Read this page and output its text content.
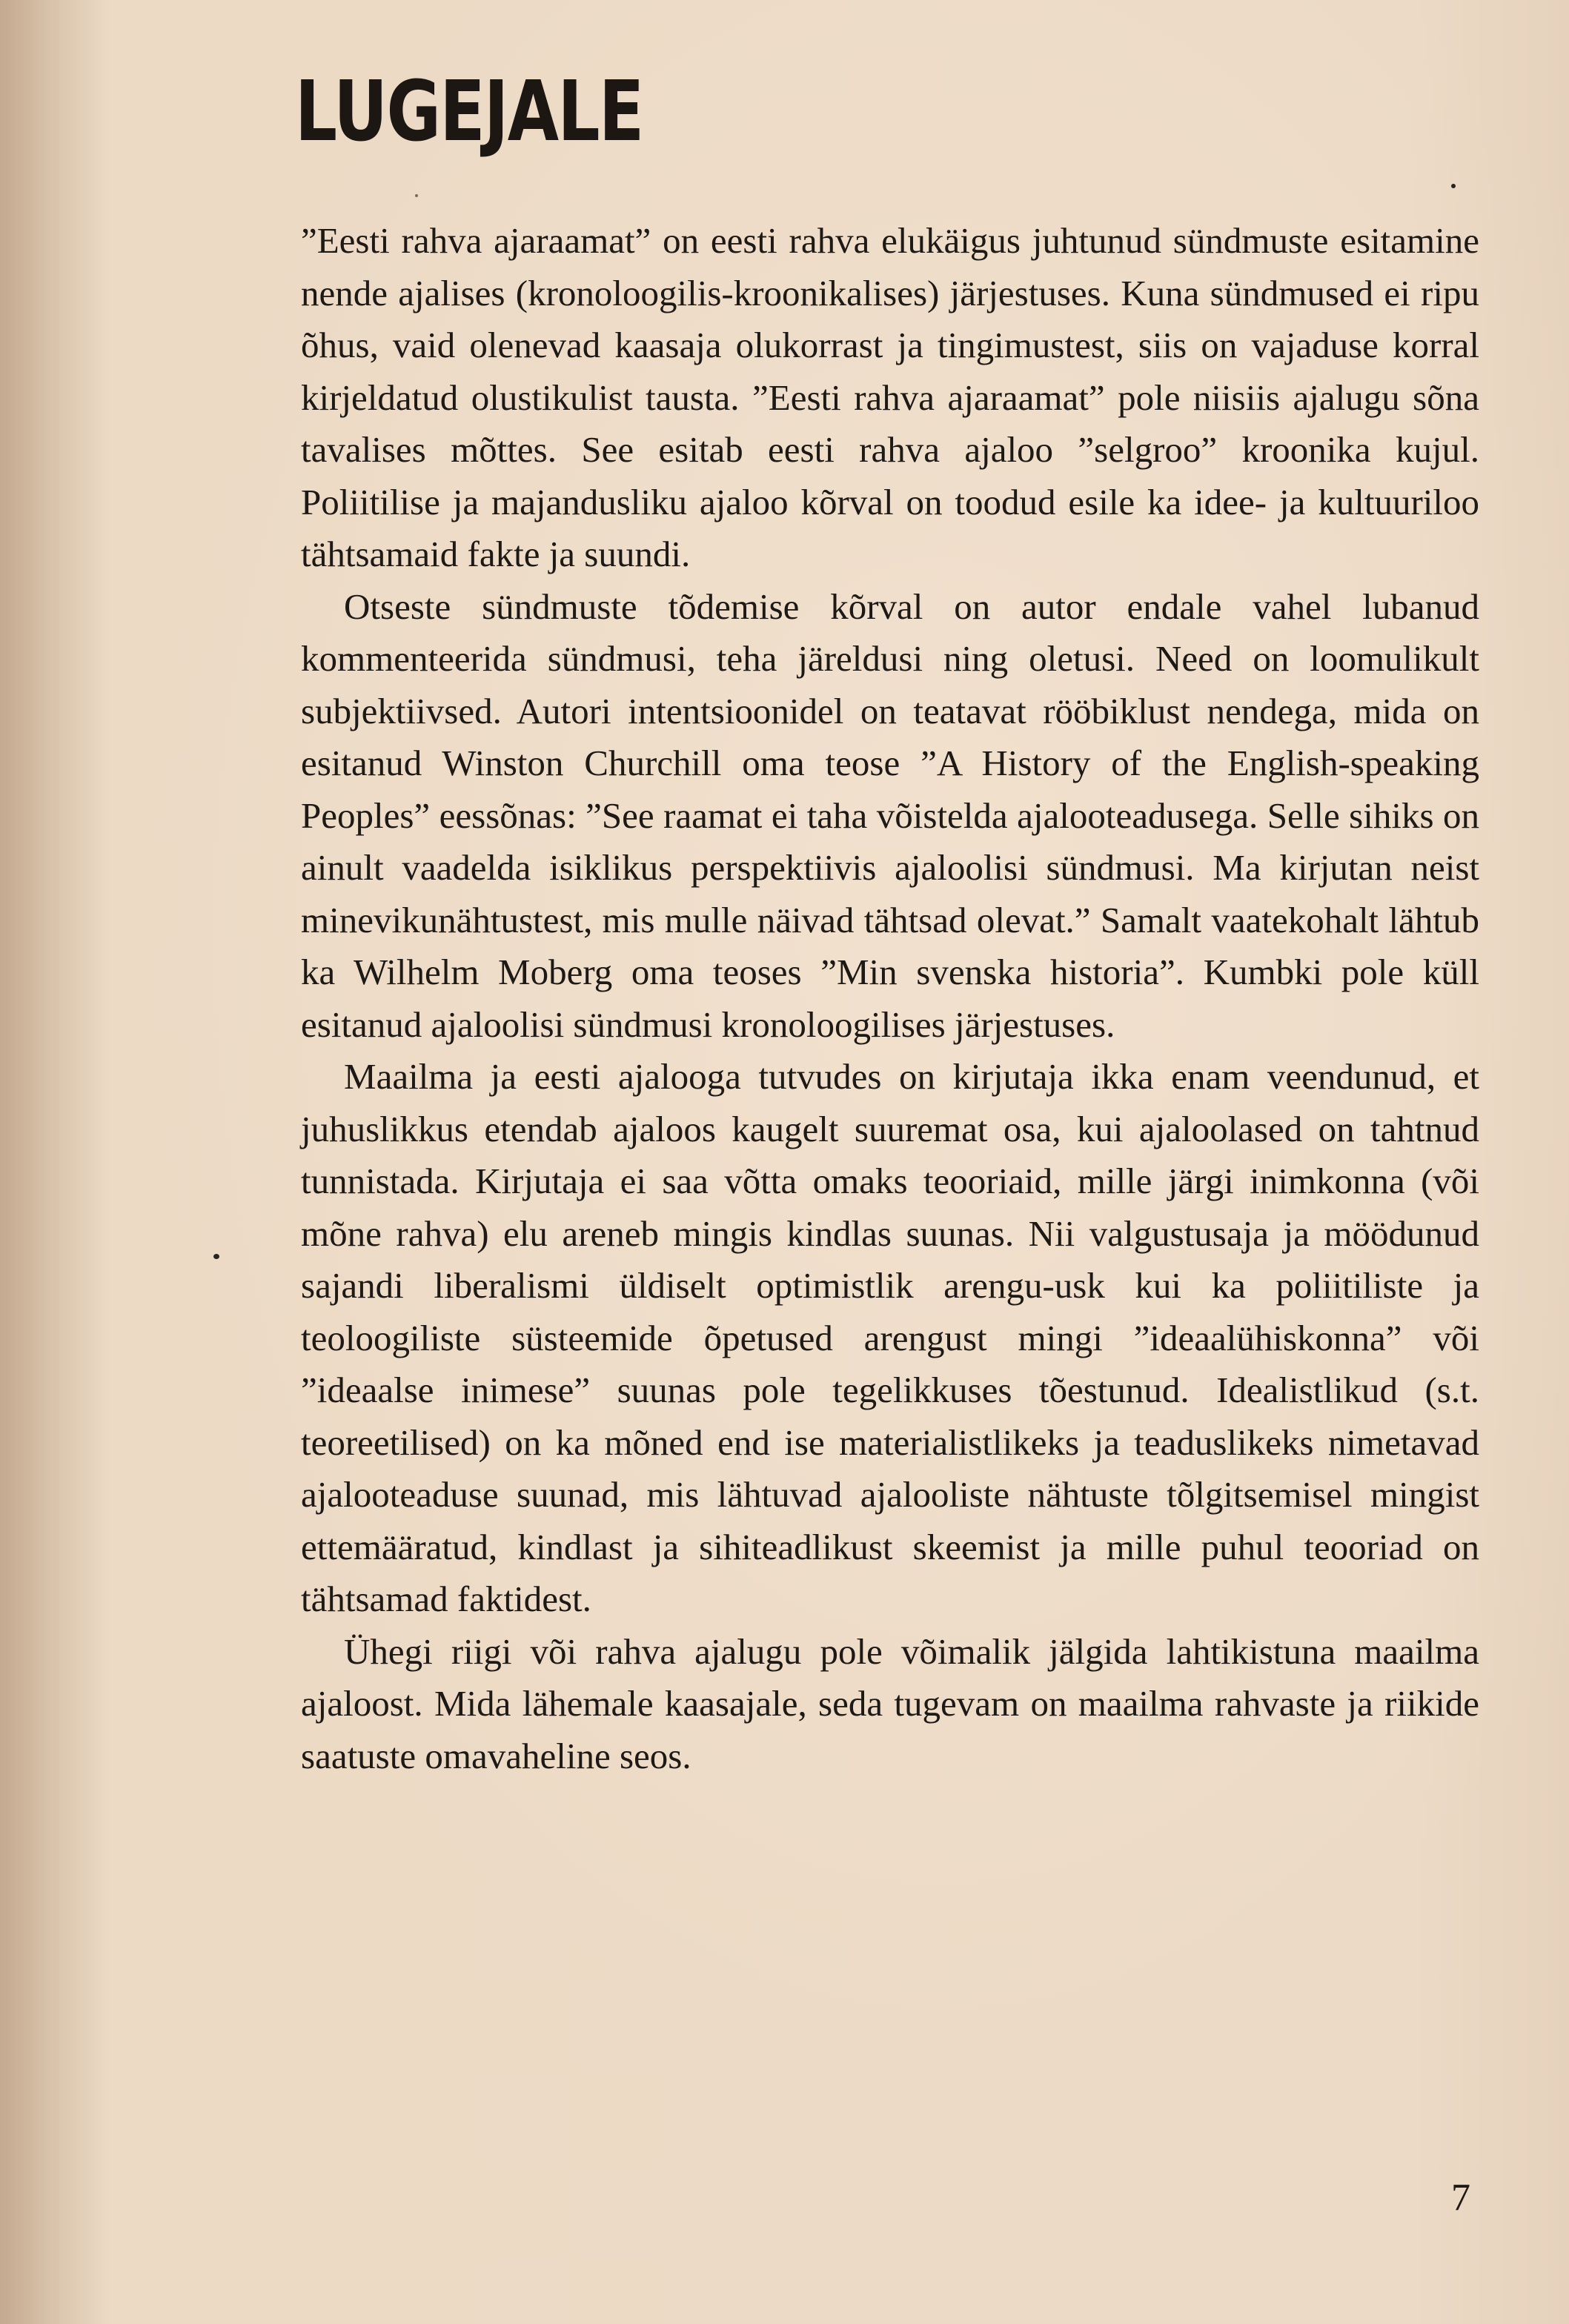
LUGEJALE

”Eesti rahva ajaraamat” on eesti rahva elukäigus juhtunud sündmuste esitamine nende ajalises (kronoloogilis-kroonikalises) järjestuses. Kuna sündmused ei ripu õhus, vaid olenevad kaasaja olukorrast ja tingimustest, siis on vajaduse korral kirjeldatud olustikulist tausta. ”Eesti rahva ajaraamat” pole niisiis ajalugu sõna tavalises mõttes. See esitab eesti rahva ajaloo ”selgroo” kroonika kujul. Poliitilise ja majandusliku ajaloo kõrval on toodud esile ka idee- ja kultuuriloo tähtsamaid fakte ja suundi.

Otseste sündmuste tõdemise kõrval on autor endale vahel lubanud kommenteerida sündmusi, teha järeldusi ning oletusi. Need on loomulikult subjektiivsed. Autori intentsioonidel on teatavat rööbiklust nendega, mida on esitanud Winston Churchill oma teose ”A History of the English-speaking Peoples” eessõnas: ”See raamat ei taha võistelda ajalooteadusega. Selle sihiks on ainult vaadelda isiklikus perspektiivis ajaloolisi sündmusi. Ma kirjutan neist minevikunähtustest, mis mulle näivad tähtsad olevat.” Samalt vaatekohalt lähtub ka Wilhelm Moberg oma teoses ”Min svenska historia”. Kumbki pole küll esitanud ajaloolisi sündmusi kronoloogilises järjestuses.

Maailma ja eesti ajalooga tutvudes on kirjutaja ikka enam veendunud, et juhuslikkus etendab ajaloos kaugelt suuremat osa, kui ajaloolased on tahtnud tunnistada. Kirjutaja ei saa võtta omaks teooriaid, mille järgi inimkonna (või mõne rahva) elu areneb mingis kindlas suunas. Nii valgustusaja ja möödunud sajandi liberalismi üldiselt optimistlik arengu-usk kui ka poliitiliste ja teoloogiliste süsteemide õpetused arengust mingi ”ideaalühiskonna” või ”ideaalse inimese” suunas pole tegelikkuses tõestunud. Idealistlikud (s.t. teoreetilised) on ka mõned end ise materialistlikeks ja teaduslikeks nimetavad ajalooteaduse suunad, mis lähtuvad ajalooliste nähtuste tõlgitsemisel mingist ettemääratud, kindlast ja sihiteadlikust skeemist ja mille puhul teooriad on tähtsamad faktidest.

Ühegi riigi või rahva ajalugu pole võimalik jälgida lahtikistuna maailma ajaloost. Mida lähemale kaasajale, seda tugevam on maailma rahvaste ja riikide saatuste omavaheline seos.

7
